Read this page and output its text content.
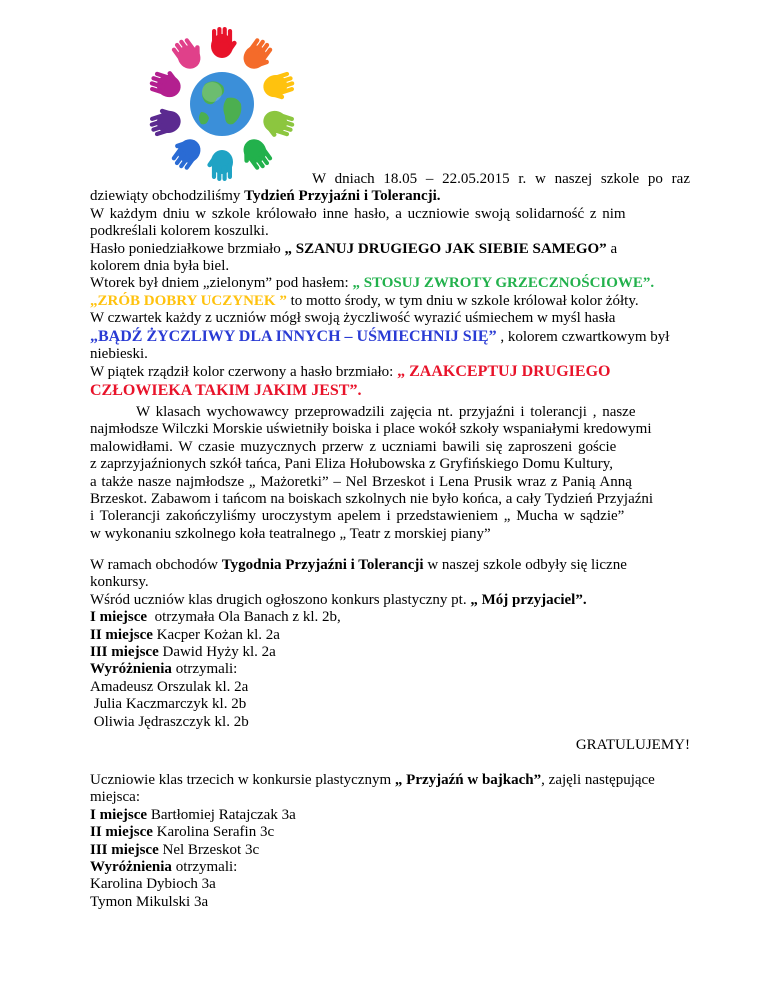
W dniach 18.05 – 22.05.2015 r. w naszej szkole po raz
dziewiąty obchodziliśmy Tydzień Przyjaźni i Tolerancji.
W każdym dniu w szkole królowało inne hasło, a uczniowie swoją solidarność z nim
podkreślali kolorem koszulki.
Hasło poniedziałkowe brzmiało „ SZANUJ DRUGIEGO JAK SIEBIE SAMEGO” a
kolorem dnia była biel.
Wtorek był dniem „zielonym” pod hasłem: „ STOSUJ ZWROTY GRZECZNOŚCIOWE”.
„ZRÓB DOBRY UCZYNEK ” to motto środy, w tym dniu w szkole królował kolor żółty.
W czwartek każdy z uczniów mógł swoją życzliwość wyrazić uśmiechem w myśl hasła
„BĄDŹ ŻYCZLIWY DLA INNYCH – UŚMIECHNIJ SIĘ” , kolorem czwartkowym był
niebieski.
W piątek rządził kolor czerwony a hasło brzmiało: „ ZAAKCEPTUJ DRUGIEGO
CZŁOWIEKA TAKIM JAKIM JEST”.
W klasach wychowawcy przeprowadzili zajęcia nt. przyjaźni i tolerancji , nasze
najmłodsze Wilczki Morskie uświetniły boiska i place wokół szkoły wspaniałymi kredowymi
malowidłami. W czasie muzycznych przerw z uczniami bawili się zaproszeni goście
z zaprzyjaźnionych szkół tańca, Pani Eliza Hołubowska z Gryfińskiego Domu Kultury,
a także nasze najmłodsze „ Mażoretki” – Nel Brzeskot i Lena Prusik wraz z Panią Anną
Brzeskot. Zabawom i tańcom na boiskach szkolnych nie było końca, a cały Tydzień Przyjaźni
i Tolerancji zakończyliśmy uroczystym apelem i przedstawieniem „ Mucha w sądzie”
w wykonaniu szkolnego koła teatralnego „ Teatr z morskiej piany”
W ramach obchodów Tygodnia Przyjaźni i Tolerancji w naszej szkole odbyły się liczne
konkursy.
Wśród uczniów klas drugich ogłoszono konkurs plastyczny pt. „ Mój przyjaciel”.
I miejsce  otrzymała Ola Banach z kl. 2b,
II miejsce Kacper Kożan kl. 2a
III miejsce Dawid Hyży kl. 2a
Wyróżnienia otrzymali:
Amadeusz Orszulak kl. 2a
Julia Kaczmarczyk kl. 2b
Oliwia Jędraszczyk kl. 2b
GRATULUJEMY!
Uczniowie klas trzecich w konkursie plastycznym „ Przyjaźń w bajkach”, zajęli następujące
miejsca:
I miejsce Bartłomiej Ratajczak 3a
II miejsce Karolina Serafin 3c
III miejsce Nel Brzeskot 3c
Wyróżnienia otrzymali:
Karolina Dybioch 3a
Tymon Mikulski 3a
